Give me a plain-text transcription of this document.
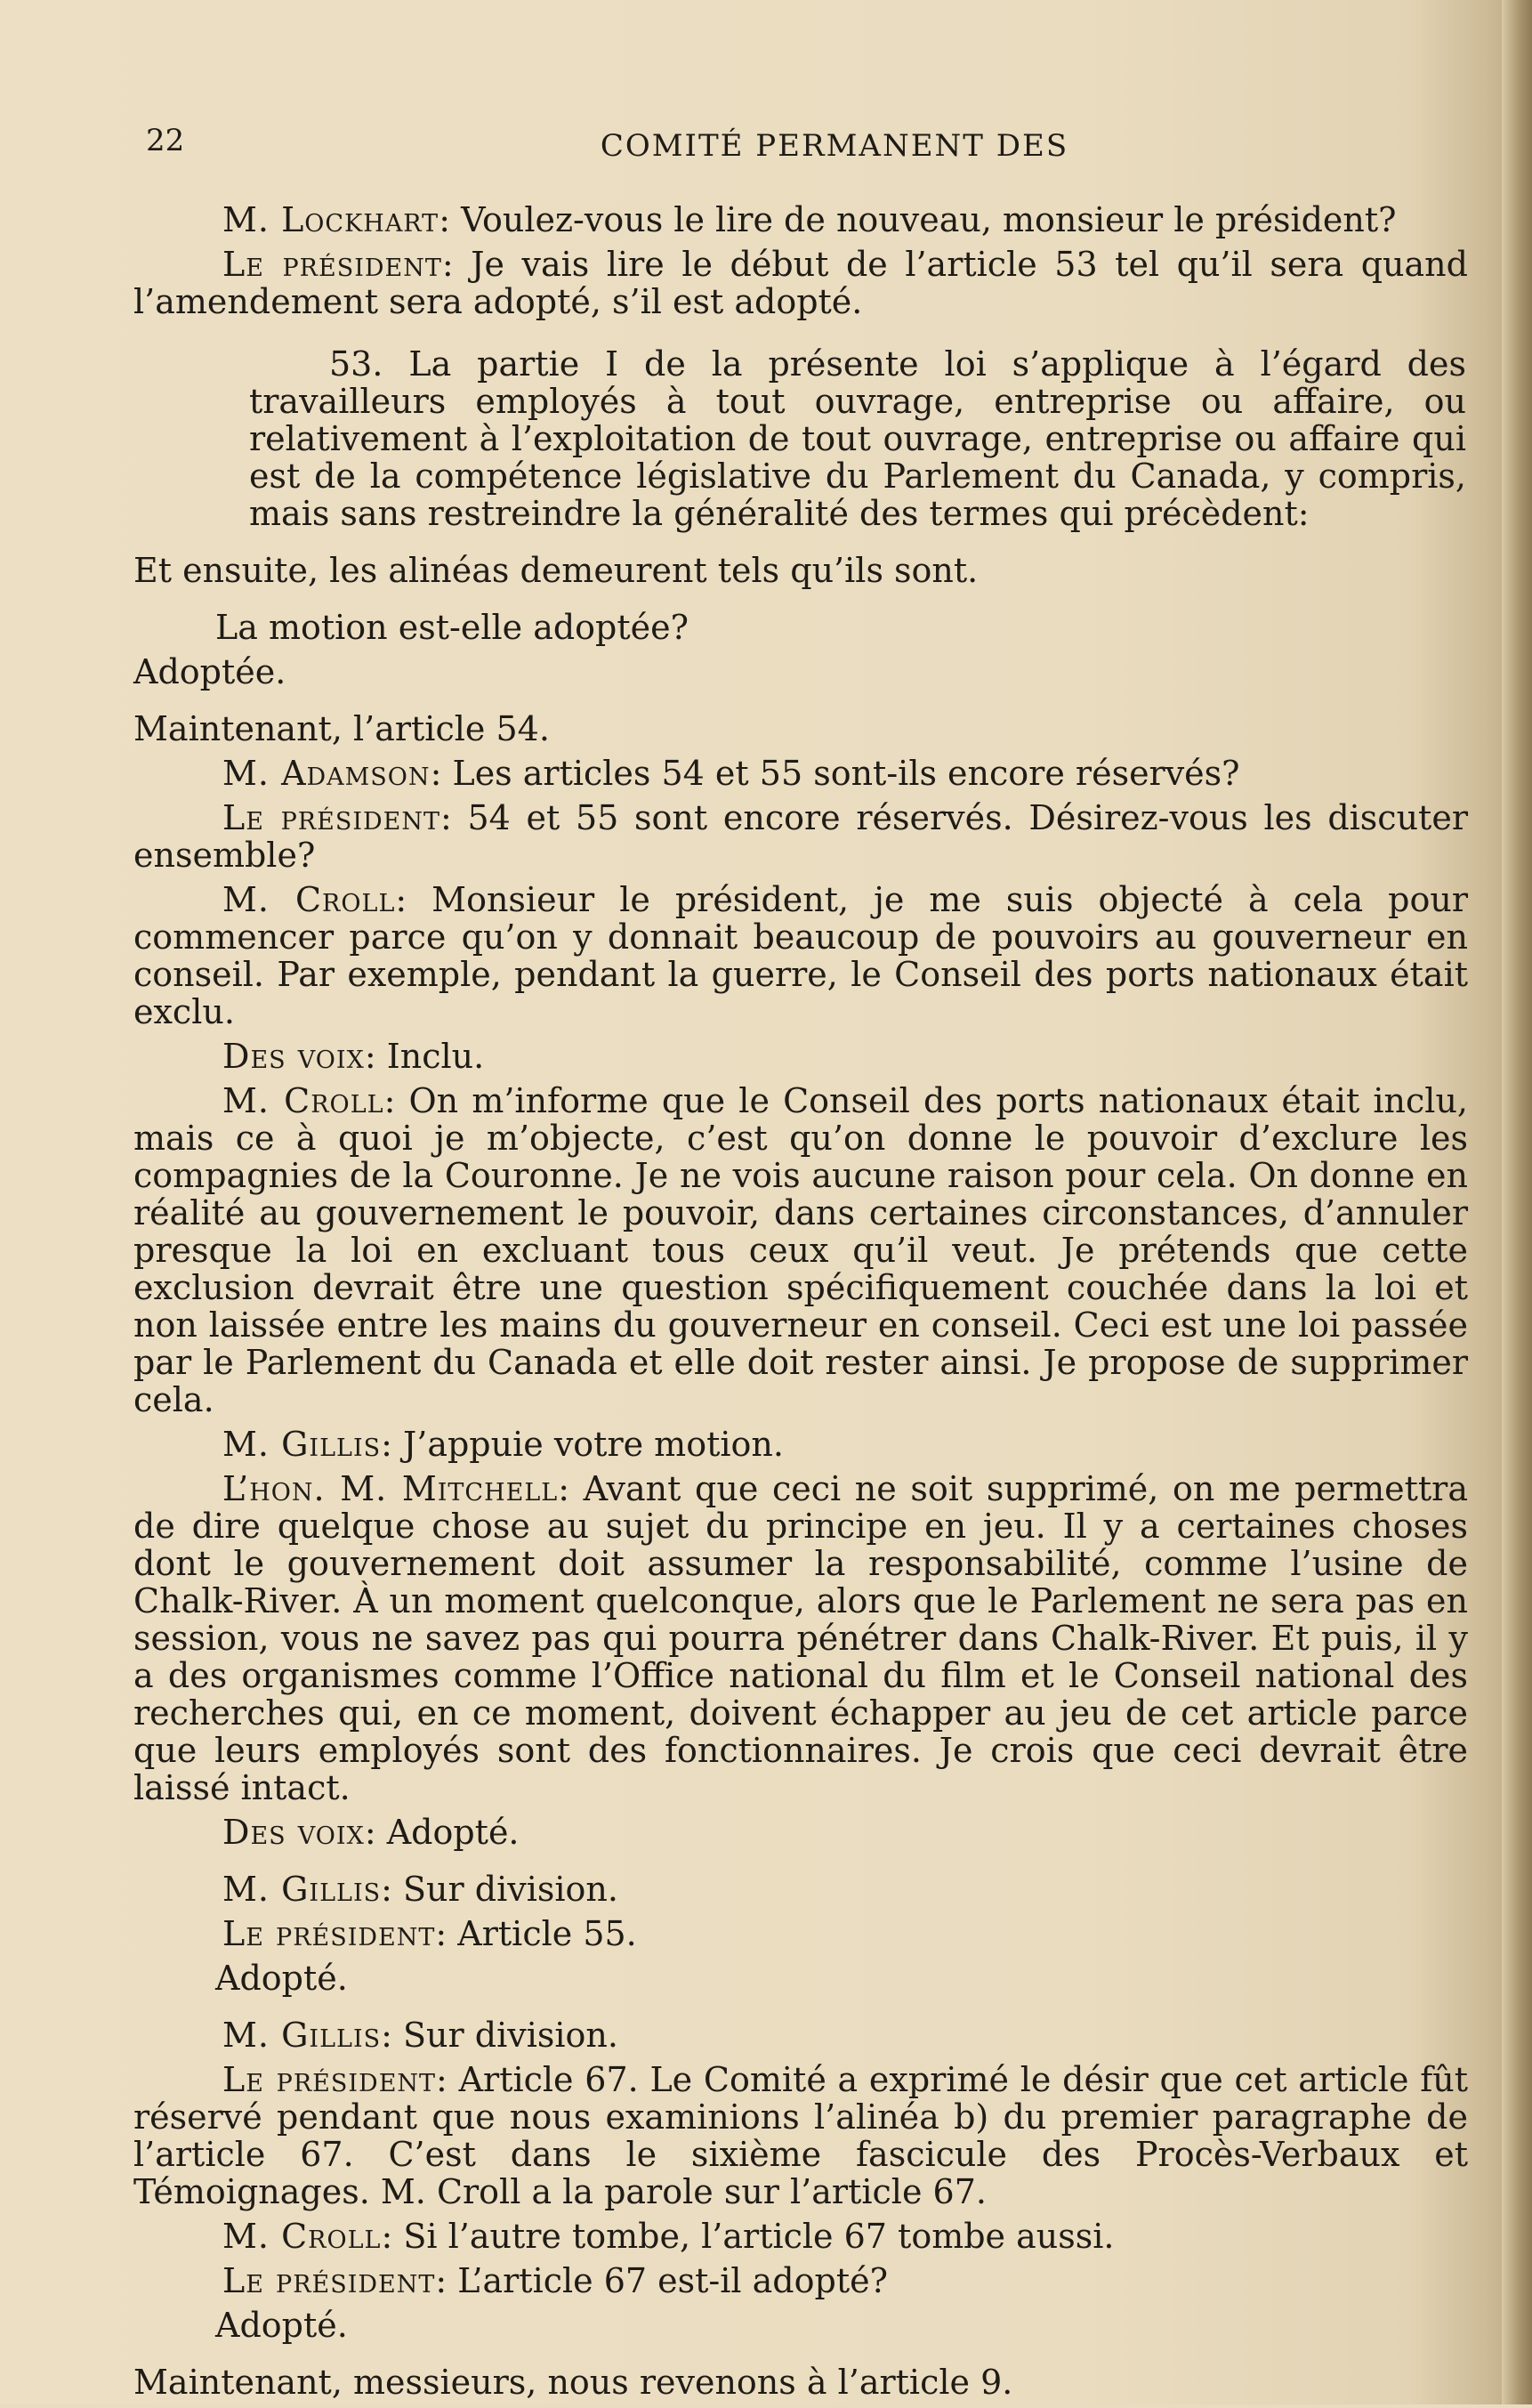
22	COMITÉ PERMANENT DES

M. Lockhart: Voulez-vous le lire de nouveau, monsieur le président?

Le président: Je vais lire le début de l’article 53 tel qu’il sera quand l’amendement sera adopté, s’il est adopté.

53. La partie I de la présente loi s’applique à l’égard des travailleurs employés à tout ouvrage, entreprise ou affaire, ou relativement à l’exploitation de tout ouvrage, entreprise ou affaire qui est de la compétence législative du Parlement du Canada, y compris, mais sans restreindre la généralité des termes qui précèdent:

Et ensuite, les alinéas demeurent tels qu’ils sont.

La motion est-elle adoptée?

Adoptée.

Maintenant, l’article 54.

M. Adamson: Les articles 54 et 55 sont-ils encore réservés?

Le président: 54 et 55 sont encore réservés. Désirez-vous les discuter ensemble?

M. Croll: Monsieur le président, je me suis objecté à cela pour commencer parce qu’on y donnait beaucoup de pouvoirs au gouverneur en conseil. Par exemple, pendant la guerre, le Conseil des ports nationaux était exclu.

Des voix: Inclu.

M. Croll: On m’informe que le Conseil des ports nationaux était inclu, mais ce à quoi je m’objecte, c’est qu’on donne le pouvoir d’exclure les compagnies de la Couronne. Je ne vois aucune raison pour cela. On donne en réalité au gouvernement le pouvoir, dans certaines circonstances, d’annuler presque la loi en excluant tous ceux qu’il veut. Je prétends que cette exclusion devrait être une question spécifiquement couchée dans la loi et non laissée entre les mains du gouverneur en conseil. Ceci est une loi passée par le Parlement du Canada et elle doit rester ainsi. Je propose de supprimer cela.

M. Gillis: J’appuie votre motion.

L’hon. M. Mitchell: Avant que ceci ne soit supprimé, on me permettra de dire quelque chose au sujet du principe en jeu. Il y a certaines choses dont le gouvernement doit assumer la responsabilité, comme l’usine de Chalk-River. À un moment quelconque, alors que le Parlement ne sera pas en session, vous ne savez pas qui pourra pénétrer dans Chalk-River. Et puis, il y a des organismes comme l’Office national du film et le Conseil national des recherches qui, en ce moment, doivent échapper au jeu de cet article parce que leurs employés sont des fonctionnaires. Je crois que ceci devrait être laissé intact.

Des voix: Adopté.

M. Gillis: Sur division.

Le président: Article 55.

Adopté.

M. Gillis: Sur division.

Le président: Article 67. Le Comité a exprimé le désir que cet article fût réservé pendant que nous examinions l’alinéa b) du premier paragraphe de l’article 67. C’est dans le sixième fascicule des Procès-Verbaux et Témoignages. M. Croll a la parole sur l’article 67.

M. Croll: Si l’autre tombe, l’article 67 tombe aussi.

Le président: L’article 67 est-il adopté?

Adopté.

Maintenant, messieurs, nous revenons à l’article 9.
